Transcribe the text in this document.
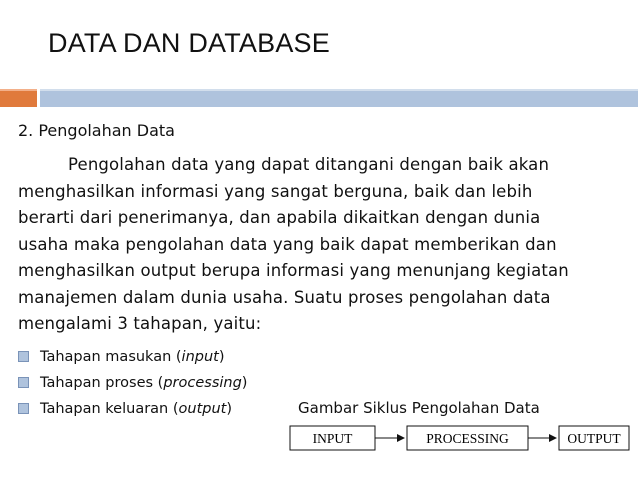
DATA DAN DATABASE
2. Pengolahan Data
Pengolahan data yang dapat ditangani dengan baik akan
menghasilkan informasi yang sangat berguna, baik dan lebih
berarti dari penerimanya, dan apabila dikaitkan dengan dunia
usaha maka pengolahan data yang baik dapat memberikan dan
menghasilkan output berupa informasi yang menunjang kegiatan
manajemen dalam dunia usaha. Suatu proses pengolahan data
mengalami 3 tahapan, yaitu:
Tahapan masukan (input)
Tahapan proses (processing)
Tahapan keluaran (output)	Gambar Siklus Pengolahan Data
INPUT	PROCESSING	OUTPUT
